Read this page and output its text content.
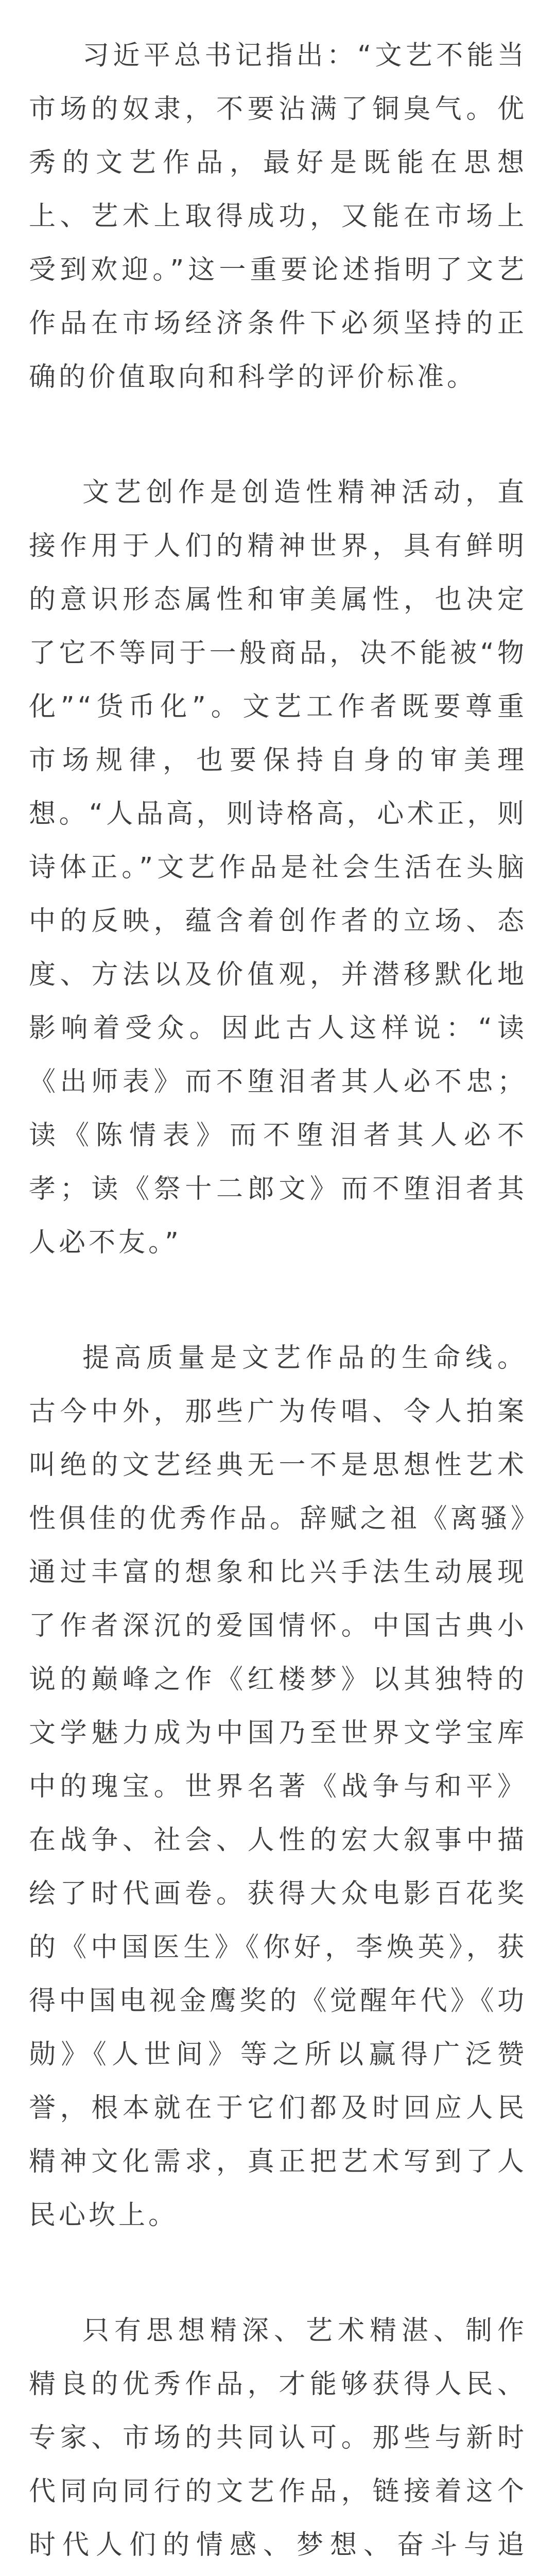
习近平总书记指出：“文艺不能当市场的奴隶，不要沾满了铜臭气。优秀的文艺作品，最好是既能在思想上、艺术上取得成功，又能在市场上受到欢迎。”这一重要论述指明了文艺作品在市场经济条件下必须坚持的正确的价值取向和科学的评价标准。

文艺创作是创造性精神活动，直接作用于人们的精神世界，具有鲜明的意识形态属性和审美属性，也决定了它不等同于一般商品，决不能被“物化”“货币化”。文艺工作者既要尊重市场规律，也要保持自身的审美理想。“人品高，则诗格高，心术正，则诗体正。”文艺作品是社会生活在头脑中的反映，蕴含着创作者的立场、态度、方法以及价值观，并潜移默化地影响着受众。因此古人这样说：“读《出师表》而不堕泪者其人必不忠；读《陈情表》而不堕泪者其人必不孝；读《祭十二郎文》而不堕泪者其人必不友。”

提高质量是文艺作品的生命线。古今中外，那些广为传唱、令人拍案叫绝的文艺经典无一不是思想性艺术性俱佳的优秀作品。辞赋之祖《离骚》通过丰富的想象和比兴手法生动展现了作者深沉的爱国情怀。中国古典小说的巅峰之作《红楼梦》以其独特的文学魅力成为中国乃至世界文学宝库中的瑰宝。世界名著《战争与和平》在战争、社会、人性的宏大叙事中描绘了时代画卷。获得大众电影百花奖的《中国医生》《你好，李焕英》，获得中国电视金鹰奖的《觉醒年代》《功勋》《人世间》等之所以赢得广泛赞誉，根本就在于它们都及时回应人民精神文化需求，真正把艺术写到了人民心坎上。

只有思想精深、艺术精湛、制作精良的优秀作品，才能够获得人民、专家、市场的共同认可。那些与新时代同向同行的文艺作品，链接着这个时代人们的情感、梦想、奋斗与追
